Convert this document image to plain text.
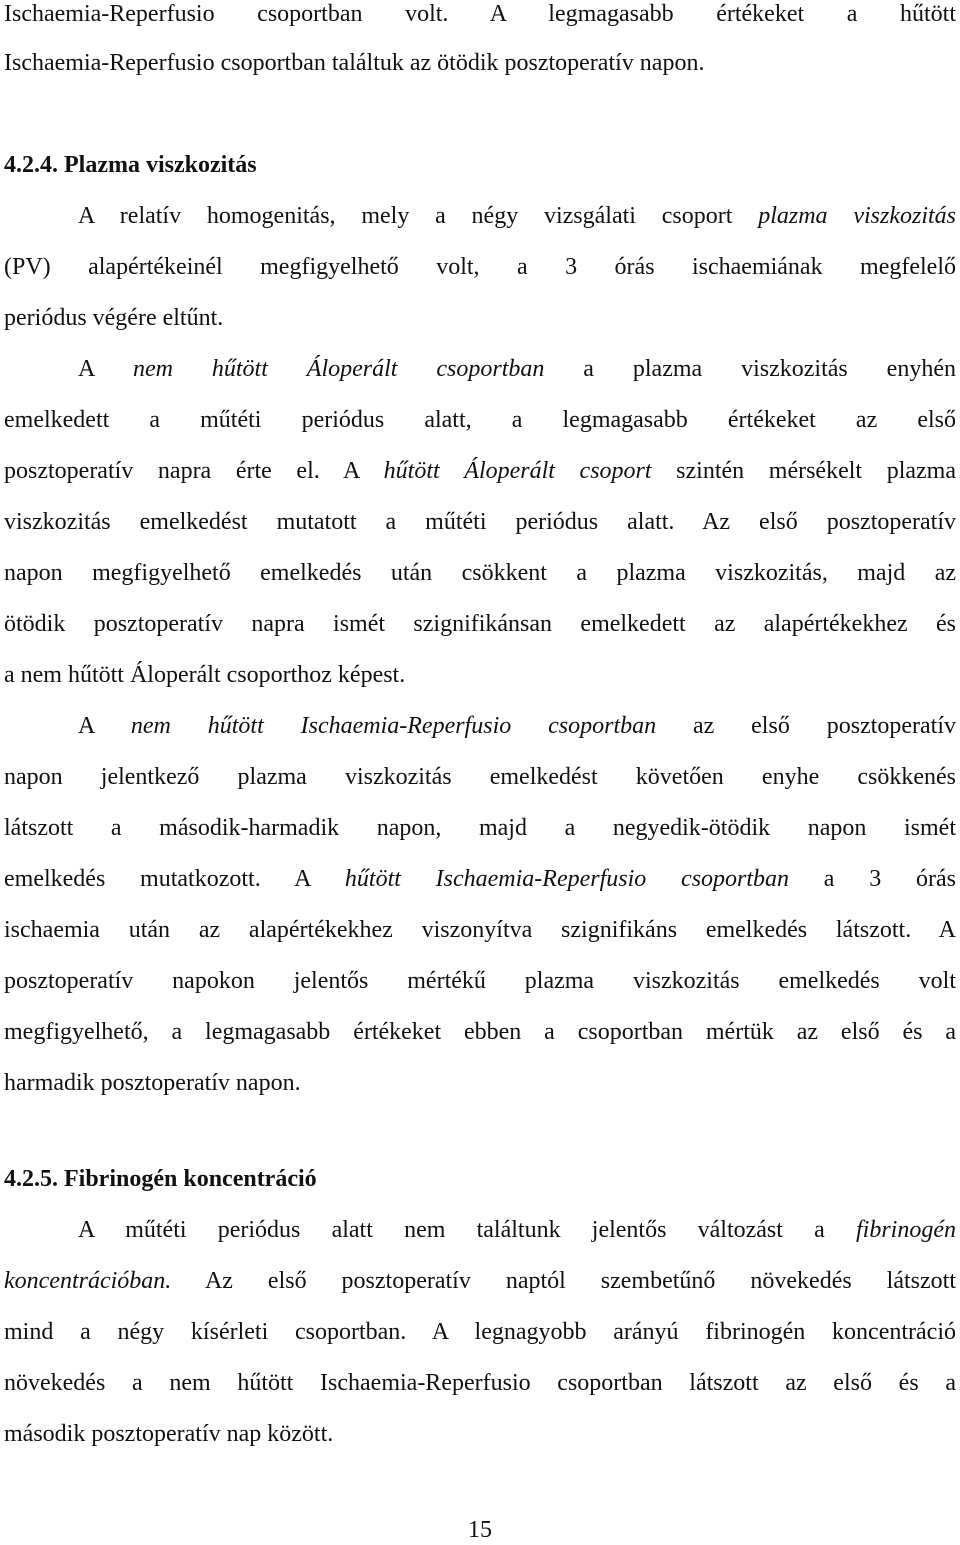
Ischaemia-Reperfusio csoportban volt. A legmagasabb értékeket a hűtött
Ischaemia-Reperfusio csoportban találtuk az ötödik posztoperatív napon.
4.2.4. Plazma viszkozitás
A relatív homogenitás, mely a négy vizsgálati csoport plazma viszkozitás
(PV) alapértékeinél megfigyelhető volt, a 3 órás ischaemiának megfelelő
periódus végére eltűnt.
A nem hűtött Áloperált csoportban a plazma viszkozitás enyhén
emelkedett a műtéti periódus alatt, a legmagasabb értékeket az első
posztoperatív napra érte el. A hűtött Áloperált csoport szintén mérsékelt plazma
viszkozitás emelkedést mutatott a műtéti periódus alatt. Az első posztoperatív
napon megfigyelhető emelkedés után csökkent a plazma viszkozitás, majd az
ötödik posztoperatív napra ismét szignifikánsan emelkedett az alapértékekhez és
a nem hűtött Áloperált csoporthoz képest.
A nem hűtött Ischaemia-Reperfusio csoportban az első posztoperatív
napon jelentkező plazma viszkozitás emelkedést követően enyhe csökkenés
látszott a második-harmadik napon, majd a negyedik-ötödik napon ismét
emelkedés mutatkozott. A hűtött Ischaemia-Reperfusio csoportban a 3 órás
ischaemia után az alapértékekhez viszonyítva szignifikáns emelkedés látszott. A
posztoperatív napokon jelentős mértékű plazma viszkozitás emelkedés volt
megfigyelhető, a legmagasabb értékeket ebben a csoportban mértük az első és a
harmadik posztoperatív napon.
4.2.5. Fibrinogén koncentráció
A műtéti periódus alatt nem találtunk jelentős változást a fibrinogén
koncentrációban. Az első posztoperatív naptól szembetűnő növekedés látszott
mind a négy kísérleti csoportban. A legnagyobb arányú fibrinogén koncentráció
növekedés a nem hűtött Ischaemia-Reperfusio csoportban látszott az első és a
második posztoperatív nap között.
15
